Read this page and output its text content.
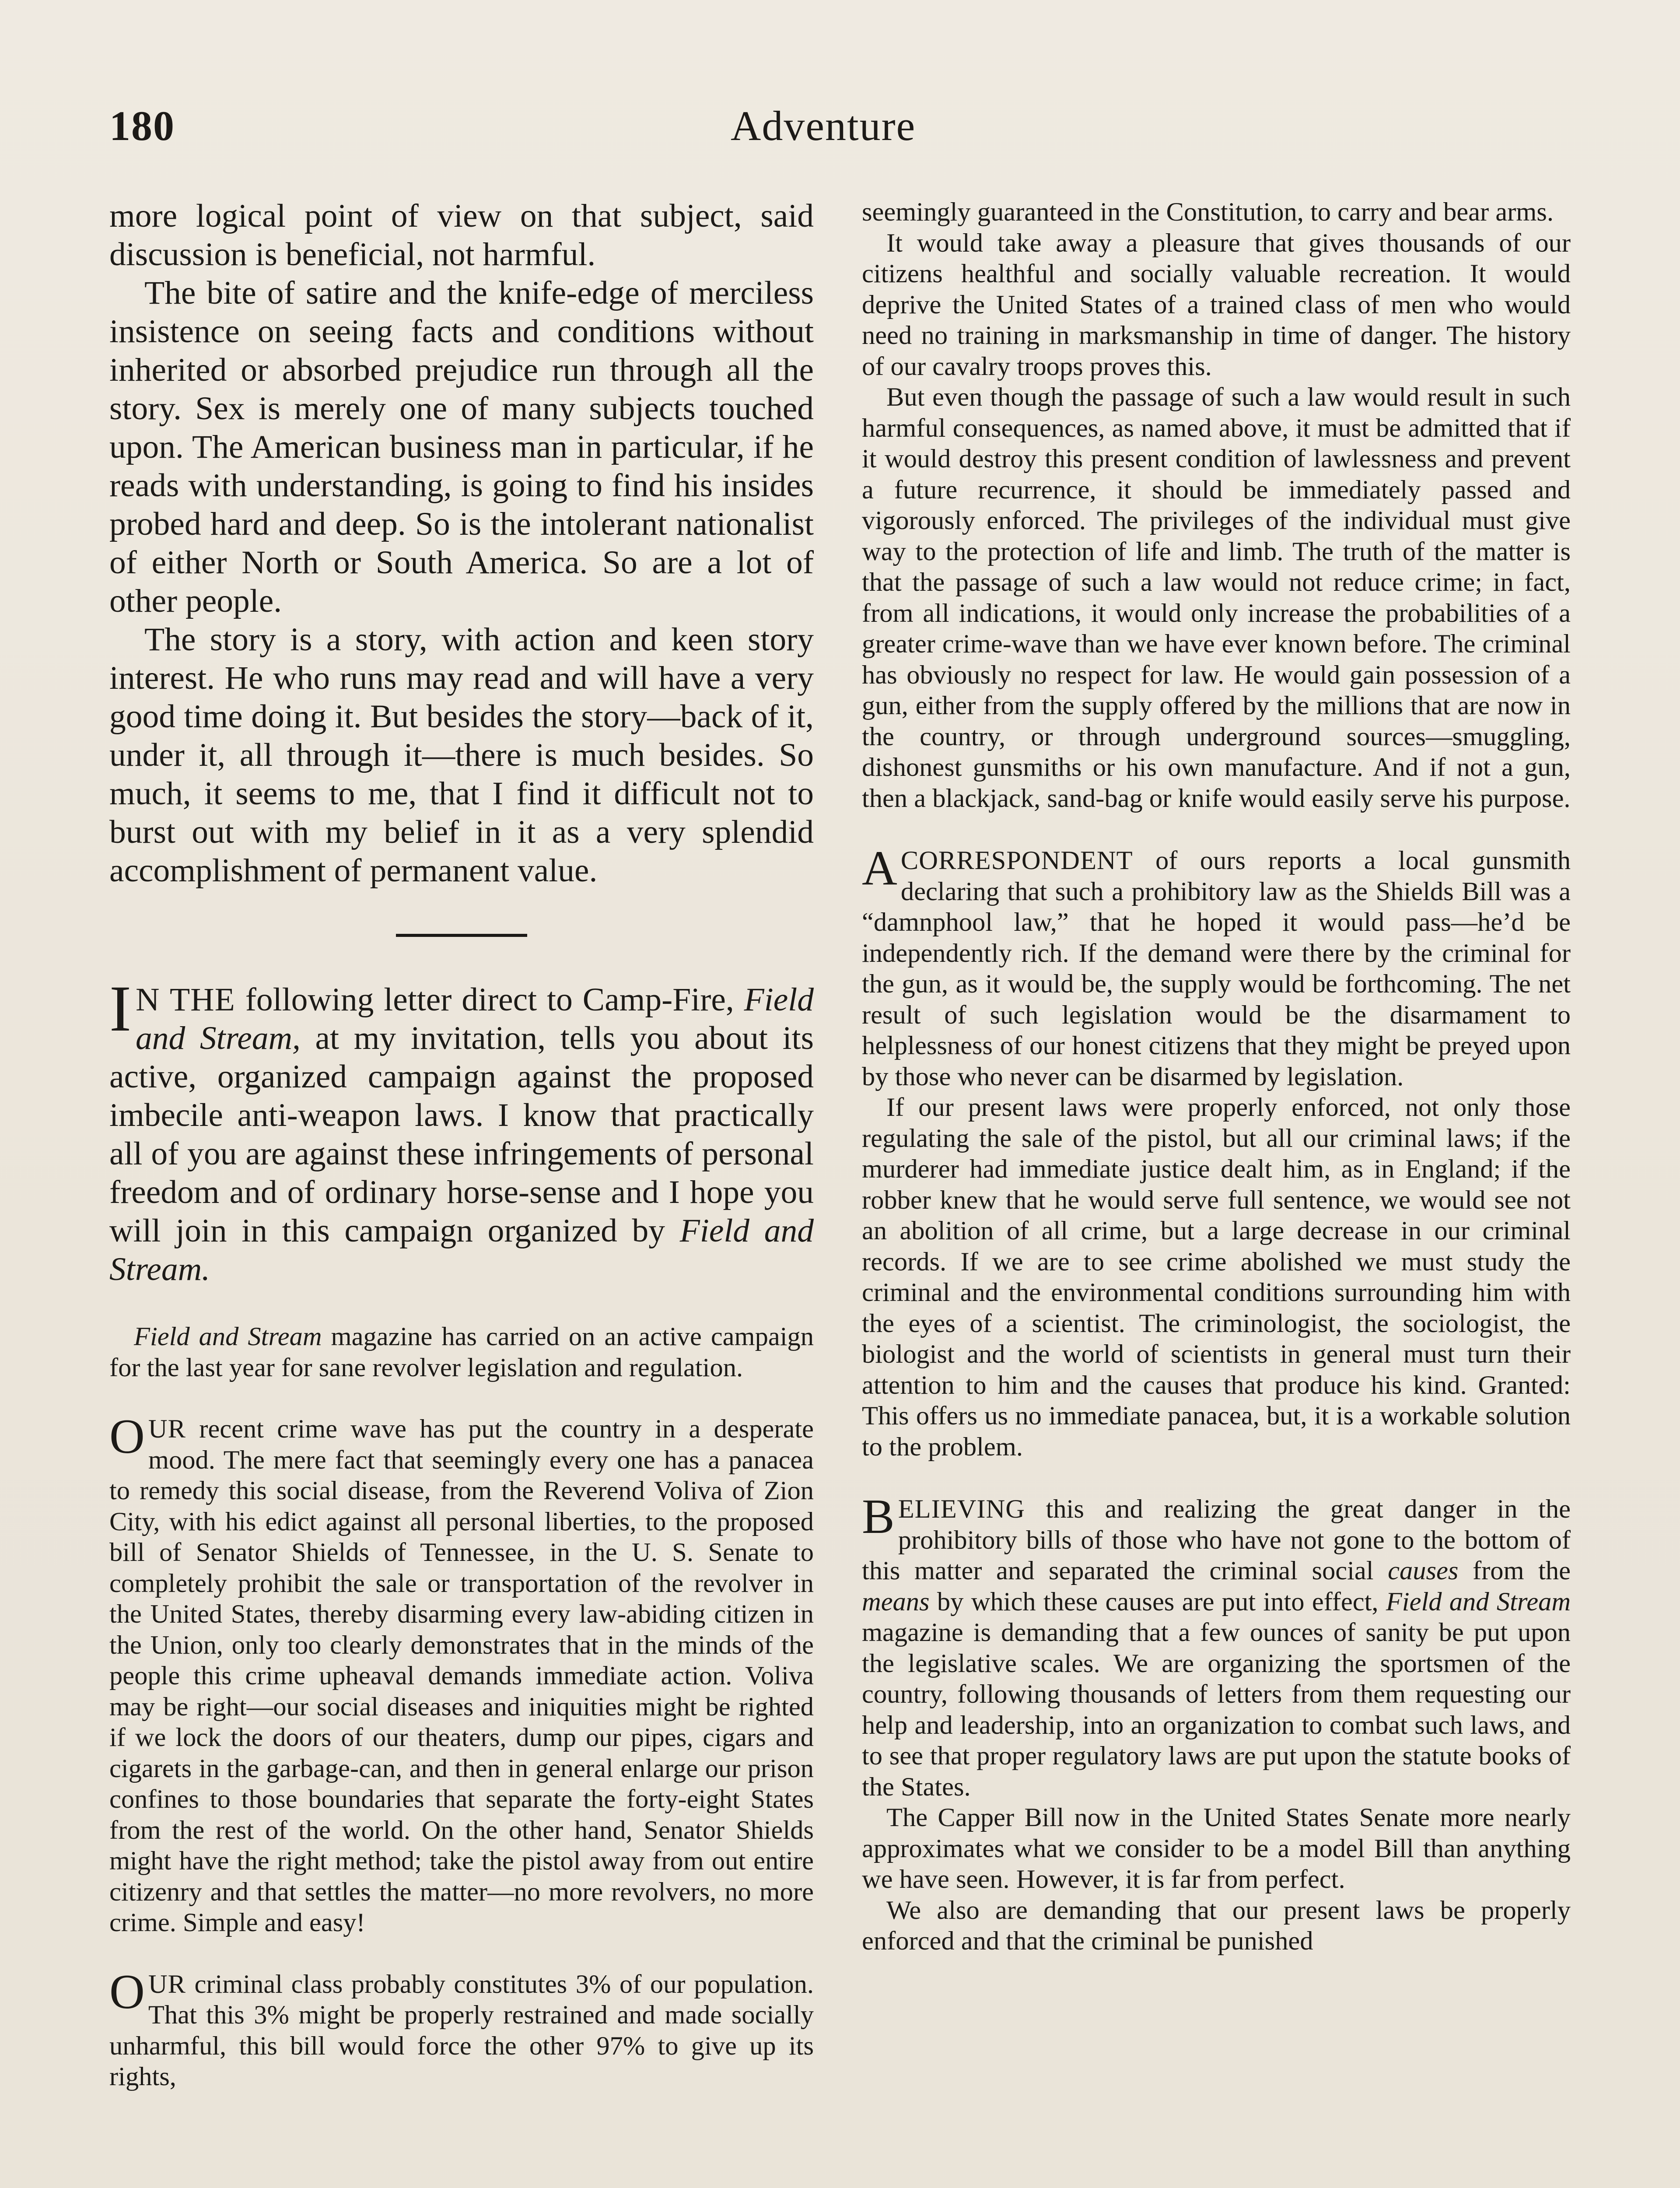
180	Adventure

more logical point of view on that subject, said discussion is beneficial, not harmful.

The bite of satire and the knife-edge of merciless insistence on seeing facts and conditions without inherited or absorbed prejudice run through all the story. Sex is merely one of many subjects touched upon. The American business man in particular, if he reads with understanding, is going to find his insides probed hard and deep. So is the intolerant nationalist of either North or South America. So are a lot of other people.

The story is a story, with action and keen story interest. He who runs may read and will have a very good time doing it. But besides the story—back of it, under it, all through it—there is much besides. So much, it seems to me, that I find it difficult not to burst out with my belief in it as a very splendid accomplishment of permanent value.

I N THE following letter direct to Camp-Fire, Field and Stream, at my invitation, tells you about its active, organized campaign against the proposed imbecile anti-weapon laws. I know that practically all of you are against these infringements of personal freedom and of ordinary horse-sense and I hope you will join in this campaign organized by Field and Stream.

Field and Stream magazine has carried on an active campaign for the last year for sane revolver legislation and regulation.

OUR recent crime wave has put the country in a desperate mood. The mere fact that seemingly every one has a panacea to remedy this social disease, from the Reverend Voliva of Zion City, with his edict against all personal liberties, to the proposed bill of Senator Shields of Tennessee, in the U. S. Senate to completely prohibit the sale or transportation of the revolver in the United States, thereby disarming every law-abiding citizen in the Union, only too clearly demonstrates that in the minds of the people this crime upheaval demands immediate action. Voliva may be right—our social diseases and iniquities might be righted if we lock the doors of our theaters, dump our pipes, cigars and cigarets in the garbage-can, and then in general enlarge our prison confines to those boundaries that separate the forty-eight States from the rest of the world. On the other hand, Senator Shields might have the right method; take the pistol away from out entire citizenry and that settles the matter—no more revolvers, no more crime. Simple and easy!

OUR criminal class probably constitutes 3% of our population. That this 3% might be properly restrained and made socially unharmful, this bill would force the other 97% to give up its rights,

seemingly guaranteed in the Constitution, to carry and bear arms.

It would take away a pleasure that gives thousands of our citizens healthful and socially valuable recreation. It would deprive the United States of a trained class of men who would need no training in marksmanship in time of danger. The history of our cavalry troops proves this.

But even though the passage of such a law would result in such harmful consequences, as named above, it must be admitted that if it would destroy this present condition of lawlessness and prevent a future recurrence, it should be immediately passed and vigorously enforced. The privileges of the individual must give way to the protection of life and limb. The truth of the matter is that the passage of such a law would not reduce crime; in fact, from all indications, it would only increase the probabilities of a greater crime-wave than we have ever known before. The criminal has obviously no respect for law. He would gain possession of a gun, either from the supply offered by the millions that are now in the country, or through underground sources—smuggling, dishonest gunsmiths or his own manufacture. And if not a gun, then a blackjack, sand-bag or knife would easily serve his purpose.

ACORRESPONDENT of ours reports a local gunsmith declaring that such a prohibitory law as the Shields Bill was a “damnphool law,” that he hoped it would pass—he’d be independently rich. If the demand were there by the criminal for the gun, as it would be, the supply would be forthcoming. The net result of such legislation would be the disarmament to helplessness of our honest citizens that they might be preyed upon by those who never can be disarmed by legislation.

If our present laws were properly enforced, not only those regulating the sale of the pistol, but all our criminal laws; if the murderer had immediate justice dealt him, as in England; if the robber knew that he would serve full sentence, we would see not an abolition of all crime, but a large decrease in our criminal records. If we are to see crime abolished we must study the criminal and the environmental conditions surrounding him with the eyes of a scientist. The criminologist, the sociologist, the biologist and the world of scientists in general must turn their attention to him and the causes that produce his kind. Granted: This offers us no immediate panacea, but, it is a workable solution to the problem.

BELIEVING this and realizing the great danger in the prohibitory bills of those who have not gone to the bottom of this matter and separated the criminal social causes from the means by which these causes are put into effect, Field and Stream magazine is demanding that a few ounces of sanity be put upon the legislative scales. We are organizing the sportsmen of the country, following thousands of letters from them requesting our help and leadership, into an organization to combat such laws, and to see that proper regulatory laws are put upon the statute books of the States.

The Capper Bill now in the United States Senate more nearly approximates what we consider to be a model Bill than anything we have seen. However, it is far from perfect.

We also are demanding that our present laws be properly enforced and that the criminal be punished
